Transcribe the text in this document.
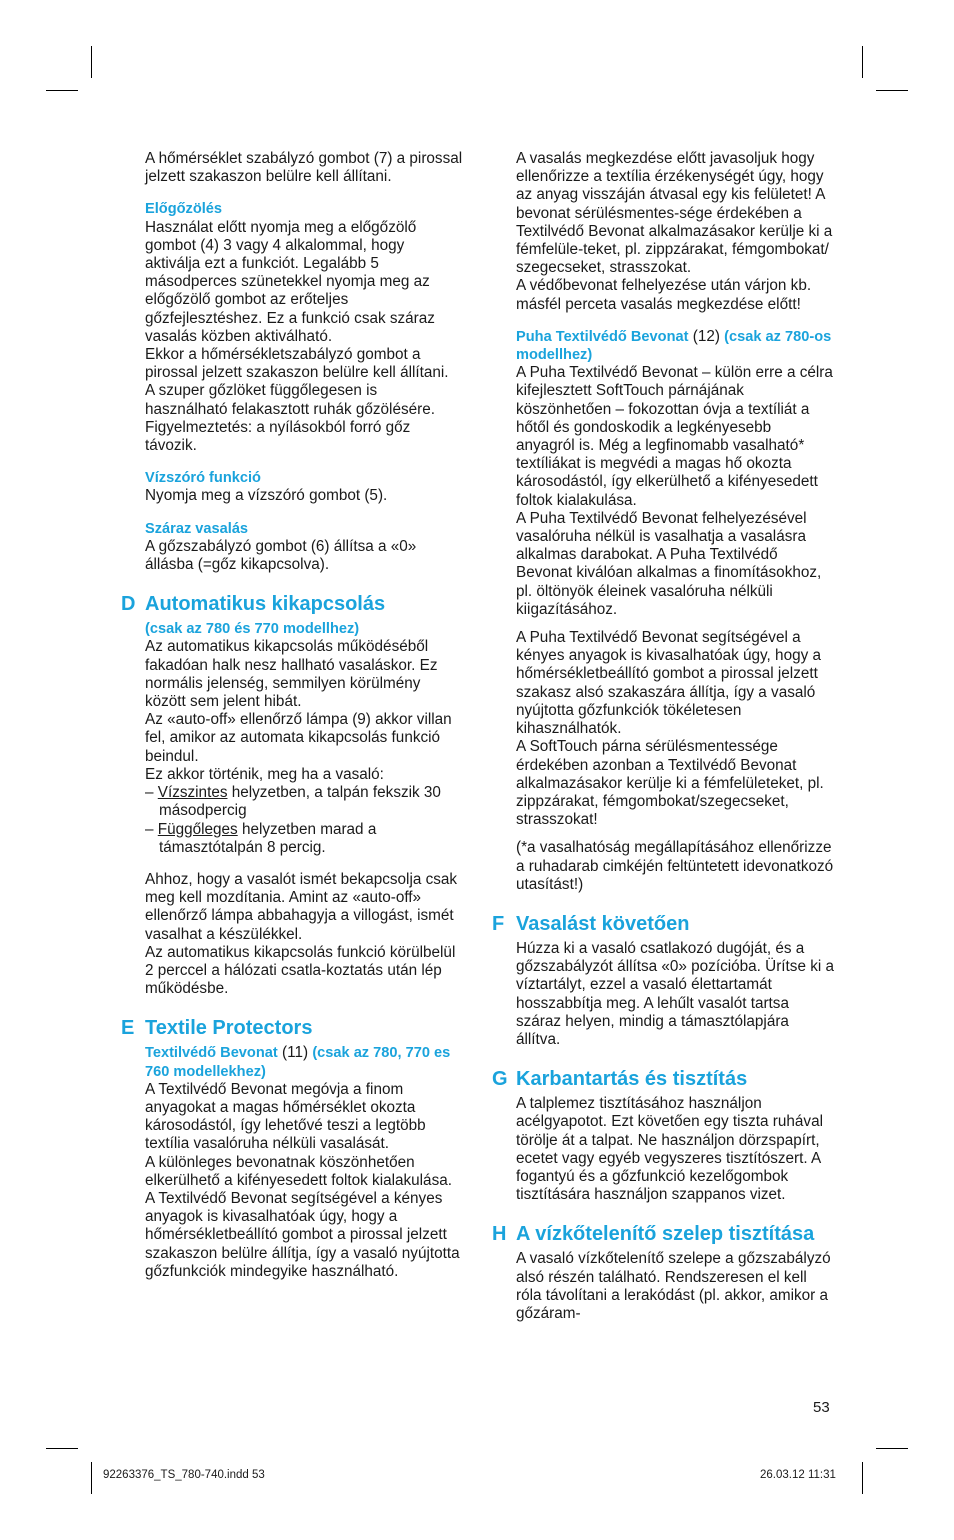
A hőmérséklet szabályzó gombot (7) a pirossal jelzett szakaszon belülre kell állítani.

Előgőzölés

Használat előtt nyomja meg a előgőzölő gombot (4) 3 vagy 4 alkalommal, hogy aktiválja ezt a funkciót. Legalább 5 másodperces szünetekkel nyomja meg az előgőzölő gombot az erőteljes gőzfejlesztéshez. Ez a funkció csak száraz vasalás közben aktiválható.

Ekkor a hőmérsékletszabályzó gombot a pirossal jelzett szakaszon belülre kell állítani.

A szuper gőzlöket függőlegesen is használható felakasztott ruhák gőzölésére. Figyelmeztetés: a nyílásokból forró gőz távozik.

Vízszóró funkció

Nyomja meg a vízszóró gombot (5).

Száraz vasalás

A gőzszabályzó gombot (6) állítsa a «0» állásba (=gőz kikapcsolva).

D Automatikus kikapcsolás

(csak az 780 és 770 modellhez)

Az automatikus kikapcsolás működéséből fakadóan halk nesz hallható vasaláskor. Ez normális jelenség, semmilyen körülmény között sem jelent hibát.

Az «auto-off» ellenőrző lámpa (9) akkor villan fel, amikor az automata kikapcsolás funkció beindul.

Ez akkor történik, meg ha a vasaló:

– Vízszintes helyzetben, a talpán fekszik 30 másodpercig

– Függőleges helyzetben marad a támasztótalpán 8 percig.

Ahhoz, hogy a vasalót ismét bekapcsolja csak meg kell mozdítania. Amint az «auto-off» ellenőrző lámpa abbahagyja a villogást, ismét vasalhat a készülékkel.

Az automatikus kikapcsolás funkció körülbelül 2 perccel a hálózati csatla-koztatás után lép működésbe.

E Textile Protectors

Textilvédő Bevonat (11) (csak az 780, 770 es 760 modellekhez)

A Textilvédő Bevonat megóvja a finom anyagokat a magas hőmérséklet okozta károsodástól, így lehetővé teszi a legtöbb textília vasalóruha nélküli vasalását.

A különleges bevonatnak köszönhetően elkerülhető a kifényesedett foltok kialakulása.

A Textilvédő Bevonat segítségével a kényes anyagok is kivasalhatóak úgy, hogy a hőmérsékletbeállító gombot a pirossal jelzett szakaszon belülre állítja, így a vasaló nyújtotta gőzfunkciók mindegyike használható.

A vasalás megkezdése előtt javasoljuk hogy ellenőrizze a textília érzékenységét úgy, hogy az anyag visszáján átvasal egy kis felületet! A bevonat sérülésmentes-sége érdekében a Textilvédő Bevonat alkalmazásakor kerülje ki a fémfelüle-teket, pl. zippzárakat, fémgombokat/ szegecseket, strasszokat.

A védőbevonat felhelyezése után várjon kb. másfél perceta vasalás megkezdése előtt!

Puha Textilvédő Bevonat (12) (csak az 780-os modellhez)

A Puha Textilvédő Bevonat – külön erre a célra kifejlesztett SoftTouch párnájának köszönhetően – fokozottan óvja a textíliát a hőtől és gondoskodik a legkényesebb anyagról is. Még a legfinomabb vasalható* textíliákat is megvédi a magas hő okozta károsodástól, így elkerülhető a kifényesedett foltok kialakulása.

A Puha Textilvédő Bevonat felhelyezésével vasalóruha nélkül is vasalhatja a vasalásra alkalmas darabokat. A Puha Textilvédő Bevonat kiválóan alkalmas a finomításokhoz, pl. öltönyök éleinek vasalóruha nélküli kiigazításához.

A Puha Textilvédő Bevonat segítségével a kényes anyagok is kivasalhatóak úgy, hogy a hőmérsékletbeállító gombot a pirossal jelzett szakasz alsó szakaszára állítja, így a vasaló nyújtotta gőzfunkciók tökéletesen kihasználhatók.

A SoftTouch párna sérülésmentessége érdekében azonban a Textilvédő Bevonat alkalmazásakor kerülje ki a fémfelületeket, pl. zippzárakat, fémgombokat/szegecseket, strasszokat!

(*a vasalhatóság megállapításához ellenőrizze a ruhadarab cimkéjén feltüntetett idevonatkozó utasítást!)

F Vasalást követően

Húzza ki a vasaló csatlakozó dugóját, és a gőzszabályzót állítsa «0» pozícióba. Ürítse ki a víztartályt, ezzel a vasaló élettartamát hosszabbítja meg. A lehűlt vasalót tartsa száraz helyen, mindig a támasztólapjára állítva.

G Karbantartás és tisztítás

A talplemez tisztításához használjon acélgyapotot. Ezt követően egy tiszta ruhával törölje át a talpat. Ne használjon dörzspapírt, ecetet vagy egyéb vegyszeres tisztítószert. A fogantyú és a gőzfunkció kezelőgombok tisztítására használjon szappanos vizet.

H A vízkőtelenítő szelep tisztítása

A vasaló vízkőtelenítő szelepe a gőzszabályzó alsó részén található. Rendszeresen el kell róla távolítani a lerakódást (pl. akkor, amikor a gőzáram-

53
92263376_TS_780-740.indd 53	26.03.12 11:31
